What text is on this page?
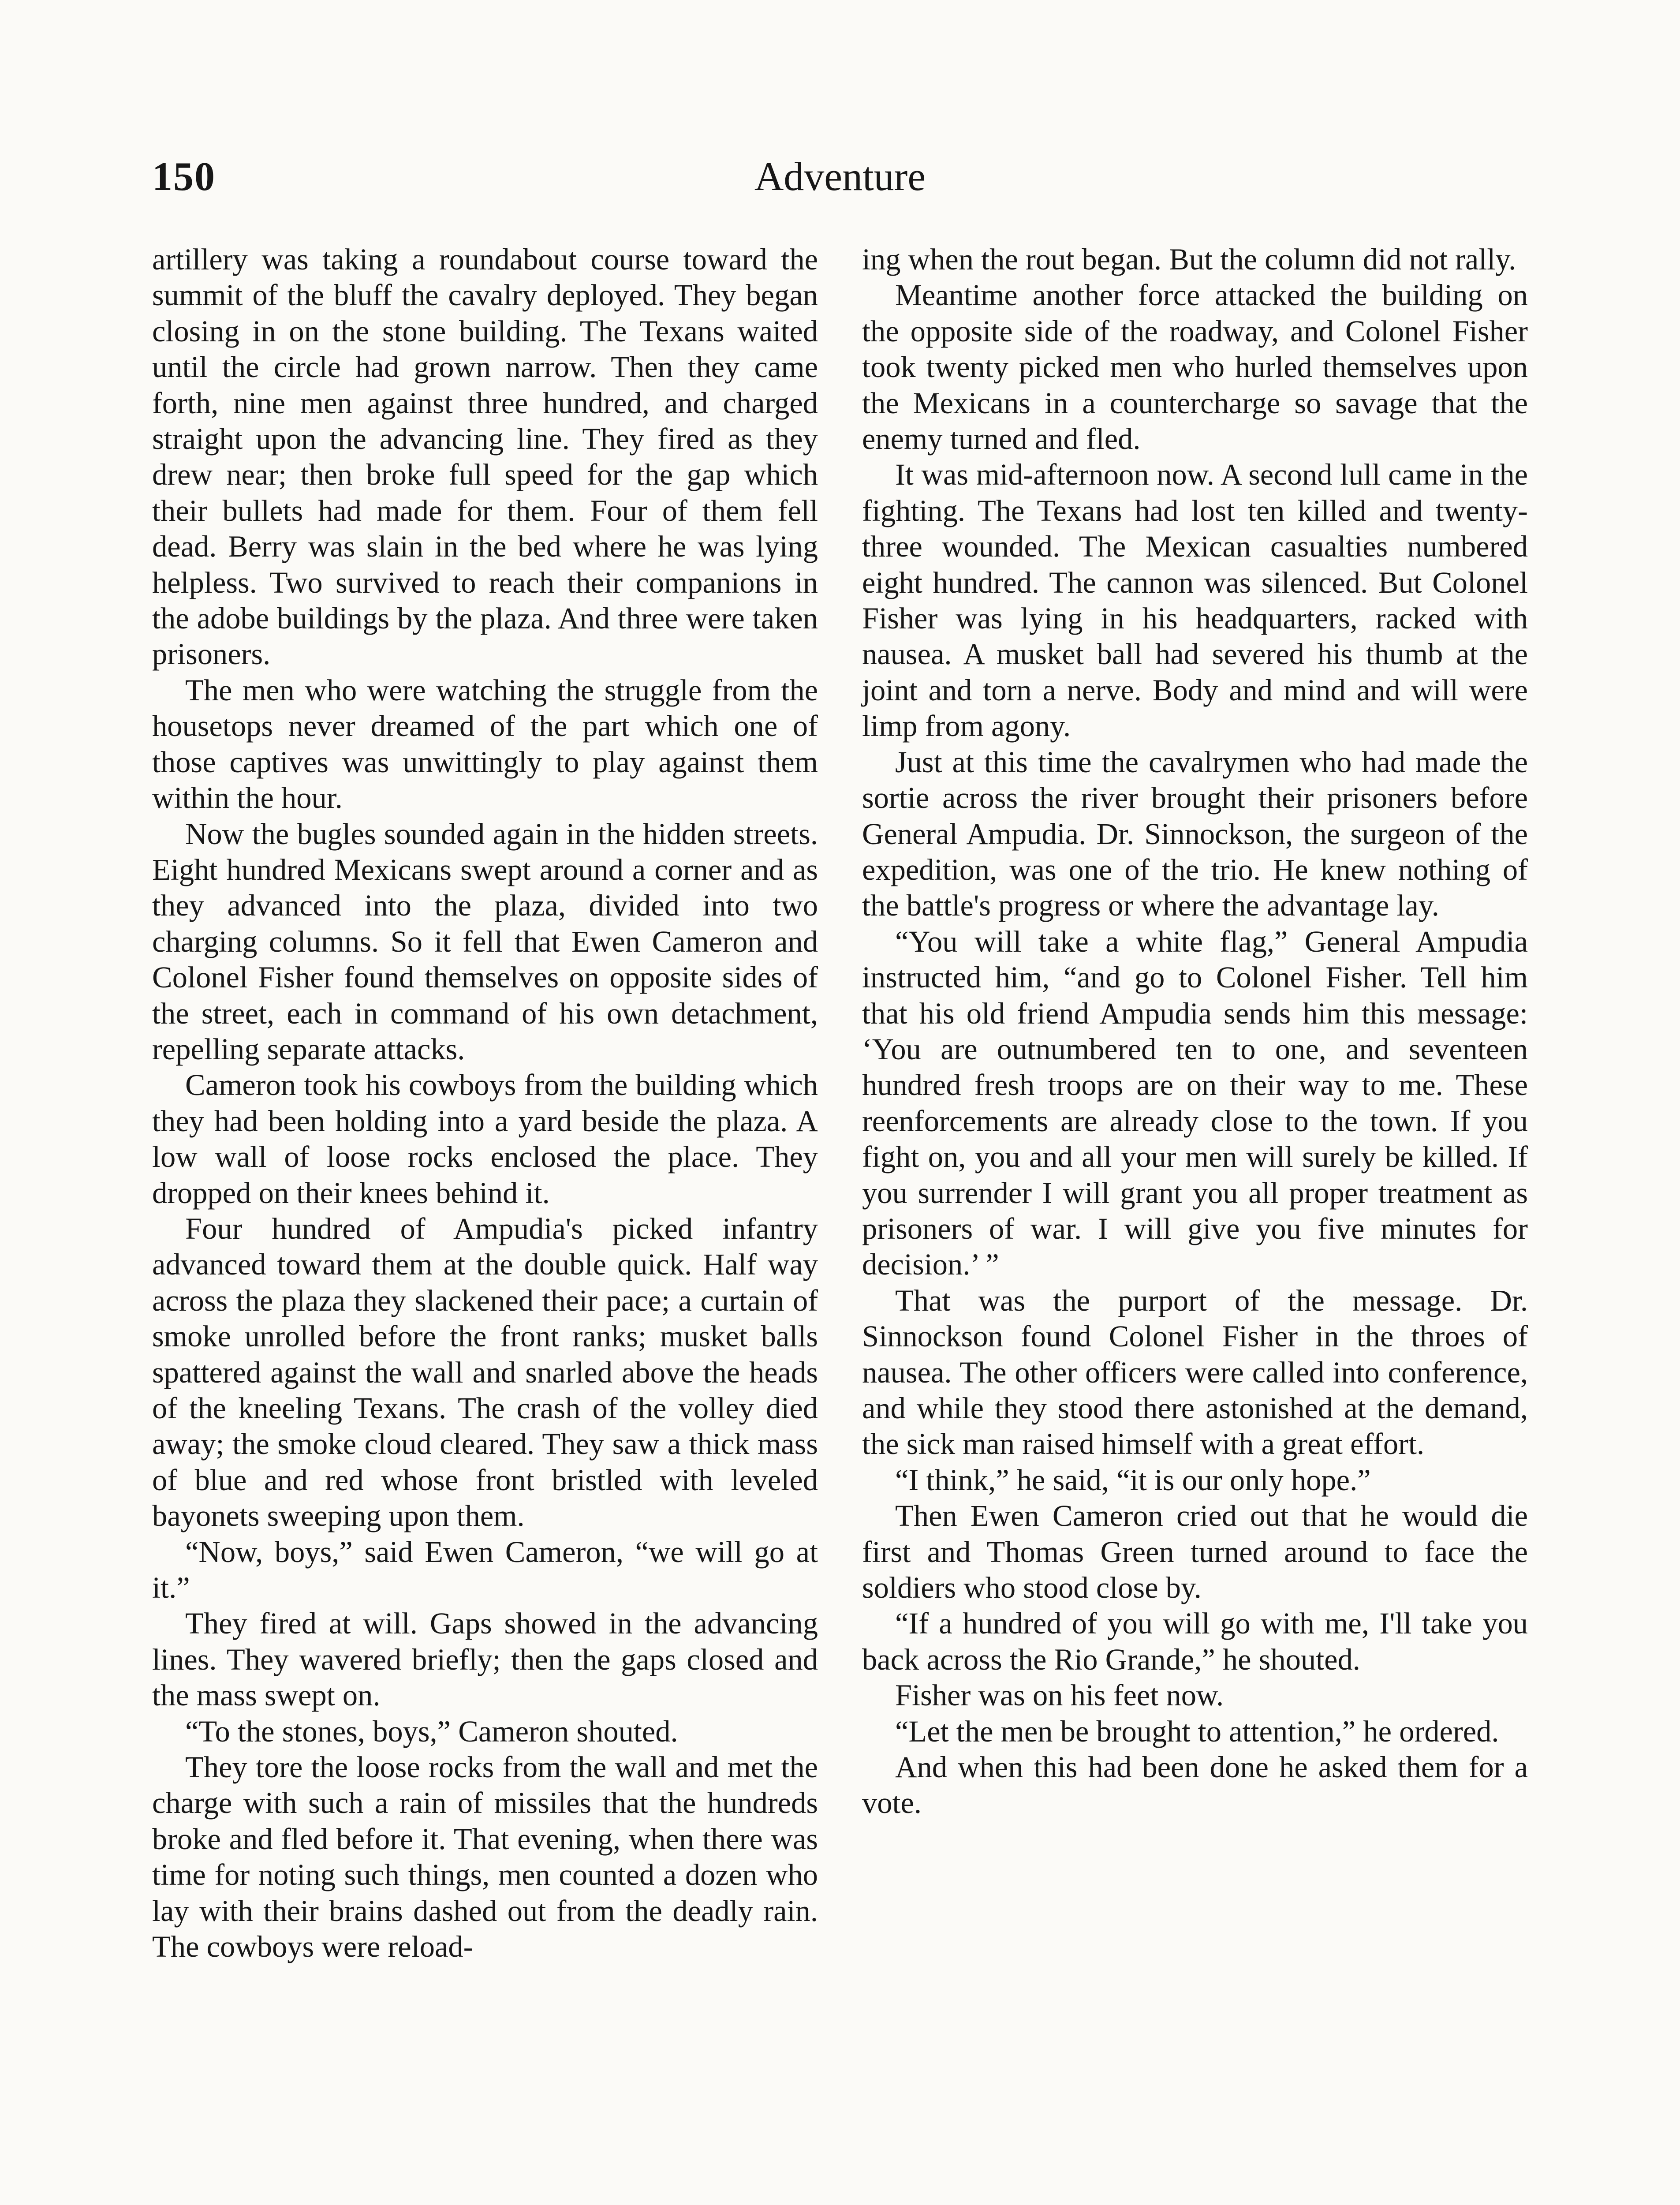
150	Adventure

artillery was taking a roundabout course toward the summit of the bluff the cavalry deployed. They began closing in on the stone building. The Texans waited until the circle had grown narrow. Then they came forth, nine men against three hundred, and charged straight upon the advancing line. They fired as they drew near; then broke full speed for the gap which their bullets had made for them. Four of them fell dead. Berry was slain in the bed where he was lying helpless. Two survived to reach their companions in the adobe buildings by the plaza. And three were taken prisoners.

The men who were watching the struggle from the housetops never dreamed of the part which one of those captives was unwittingly to play against them within the hour.

Now the bugles sounded again in the hidden streets. Eight hundred Mexicans swept around a corner and as they advanced into the plaza, divided into two charging columns. So it fell that Ewen Cameron and Colonel Fisher found themselves on opposite sides of the street, each in command of his own detachment, repelling separate attacks.

Cameron took his cowboys from the building which they had been holding into a yard beside the plaza. A low wall of loose rocks enclosed the place. They dropped on their knees behind it.

Four hundred of Ampudia's picked infantry advanced toward them at the double quick. Half way across the plaza they slackened their pace; a curtain of smoke unrolled before the front ranks; musket balls spattered against the wall and snarled above the heads of the kneeling Texans. The crash of the volley died away; the smoke cloud cleared. They saw a thick mass of blue and red whose front bristled with leveled bayonets sweeping upon them.

“Now, boys,” said Ewen Cameron, “we will go at it.”

They fired at will. Gaps showed in the advancing lines. They wavered briefly; then the gaps closed and the mass swept on.

“To the stones, boys,” Cameron shouted.

They tore the loose rocks from the wall and met the charge with such a rain of missiles that the hundreds broke and fled before it. That evening, when there was time for noting such things, men counted a dozen who lay with their brains dashed out from the deadly rain. The cowboys were reload-

ing when the rout began. But the column did not rally.

Meantime another force attacked the building on the opposite side of the roadway, and Colonel Fisher took twenty picked men who hurled themselves upon the Mexicans in a countercharge so savage that the enemy turned and fled.

It was mid-afternoon now. A second lull came in the fighting. The Texans had lost ten killed and twenty-three wounded. The Mexican casualties numbered eight hundred. The cannon was silenced. But Colonel Fisher was lying in his headquarters, racked with nausea. A musket ball had severed his thumb at the joint and torn a nerve. Body and mind and will were limp from agony.

Just at this time the cavalrymen who had made the sortie across the river brought their prisoners before General Ampudia. Dr. Sinnockson, the surgeon of the expedition, was one of the trio. He knew nothing of the battle's progress or where the advantage lay.

“You will take a white flag,” General Ampudia instructed him, “and go to Colonel Fisher. Tell him that his old friend Ampudia sends him this message: ‘You are outnumbered ten to one, and seventeen hundred fresh troops are on their way to me. These reenforcements are already close to the town. If you fight on, you and all your men will surely be killed. If you surrender I will grant you all proper treatment as prisoners of war. I will give you five minutes for decision.’ ”

That was the purport of the message. Dr. Sinnockson found Colonel Fisher in the throes of nausea. The other officers were called into conference, and while they stood there astonished at the demand, the sick man raised himself with a great effort.

“I think,” he said, “it is our only hope.”

Then Ewen Cameron cried out that he would die first and Thomas Green turned around to face the soldiers who stood close by.

“If a hundred of you will go with me, I'll take you back across the Rio Grande,” he shouted.

Fisher was on his feet now.

“Let the men be brought to attention,” he ordered.

And when this had been done he asked them for a vote.
